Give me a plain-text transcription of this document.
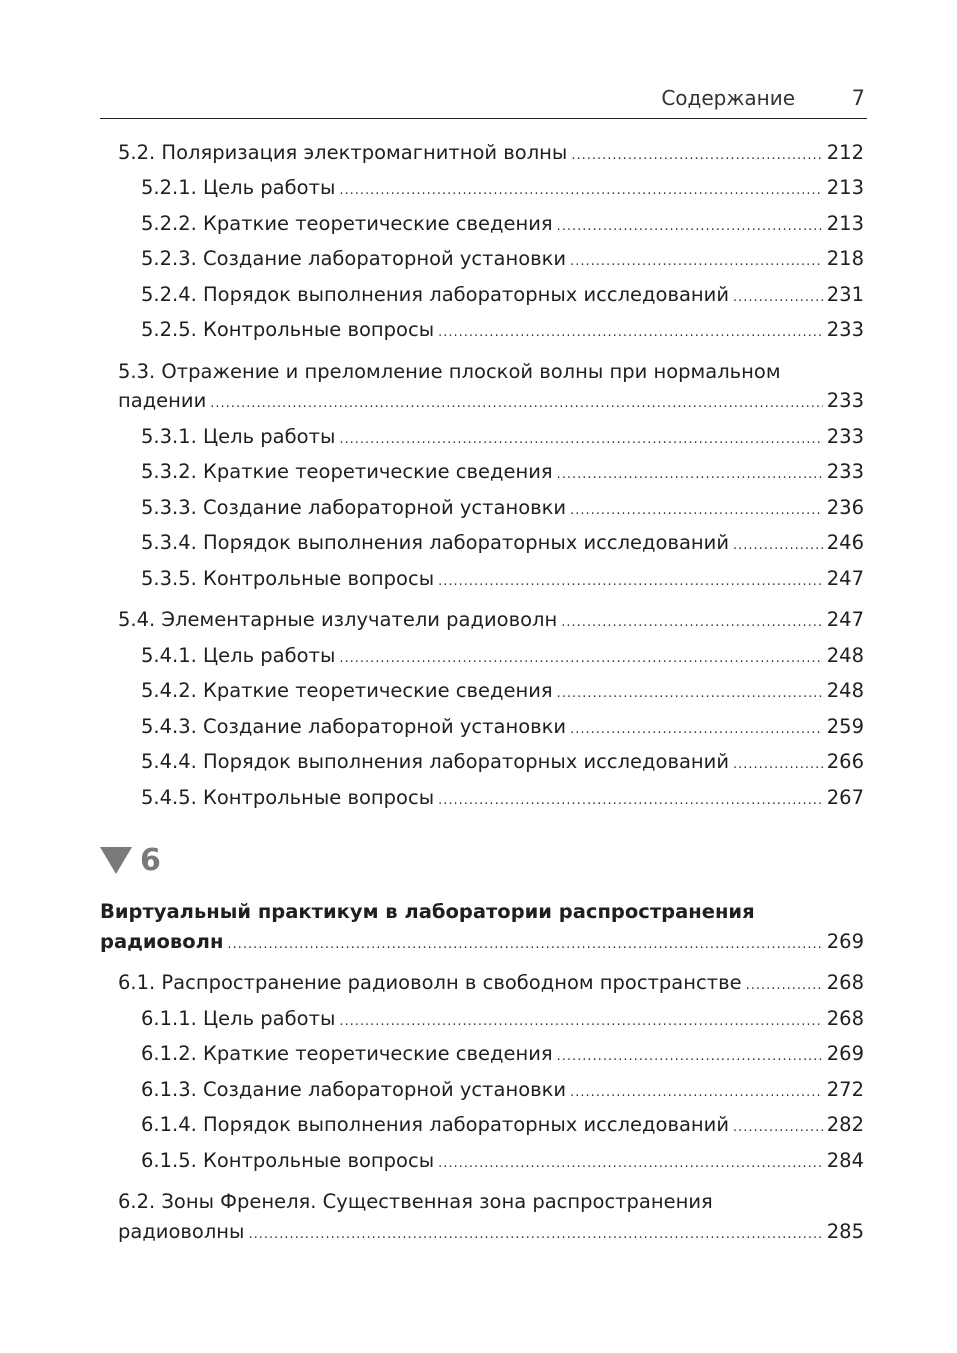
Содержание	7
5.2. Поляризация электромагнитной волны .....	212
5.2.1. Цель работы .....	213
5.2.2. Краткие теоретические сведения .....	213
5.2.3. Создание лабораторной установки .....	218
5.2.4. Порядок выполнения лабораторных исследований .....	231
5.2.5. Контрольные вопросы .....	233
5.3. Отражение и преломление плоской волны при нормальном
падении .....	233
5.3.1. Цель работы .....	233
5.3.2. Краткие теоретические сведения .....	233
5.3.3. Создание лабораторной установки .....	236
5.3.4. Порядок выполнения лабораторных исследований .....	246
5.3.5. Контрольные вопросы .....	247
5.4. Элементарные излучатели радиоволн .....	247
5.4.1. Цель работы .....	248
5.4.2. Краткие теоретические сведения .....	248
5.4.3. Создание лабораторной установки .....	259
5.4.4. Порядок выполнения лабораторных исследований .....	266
5.4.5. Контрольные вопросы .....	267
6
Виртуальный практикум в лаборатории распространения
радиоволн .....	269
6.1. Распространение радиоволн в свободном пространстве .....	268
6.1.1. Цель работы .....	268
6.1.2. Краткие теоретические сведения .....	269
6.1.3. Создание лабораторной установки .....	272
6.1.4. Порядок выполнения лабораторных исследований .....	282
6.1.5. Контрольные вопросы .....	284
6.2. Зоны Френеля. Существенная зона распространения
радиоволны .....	285
